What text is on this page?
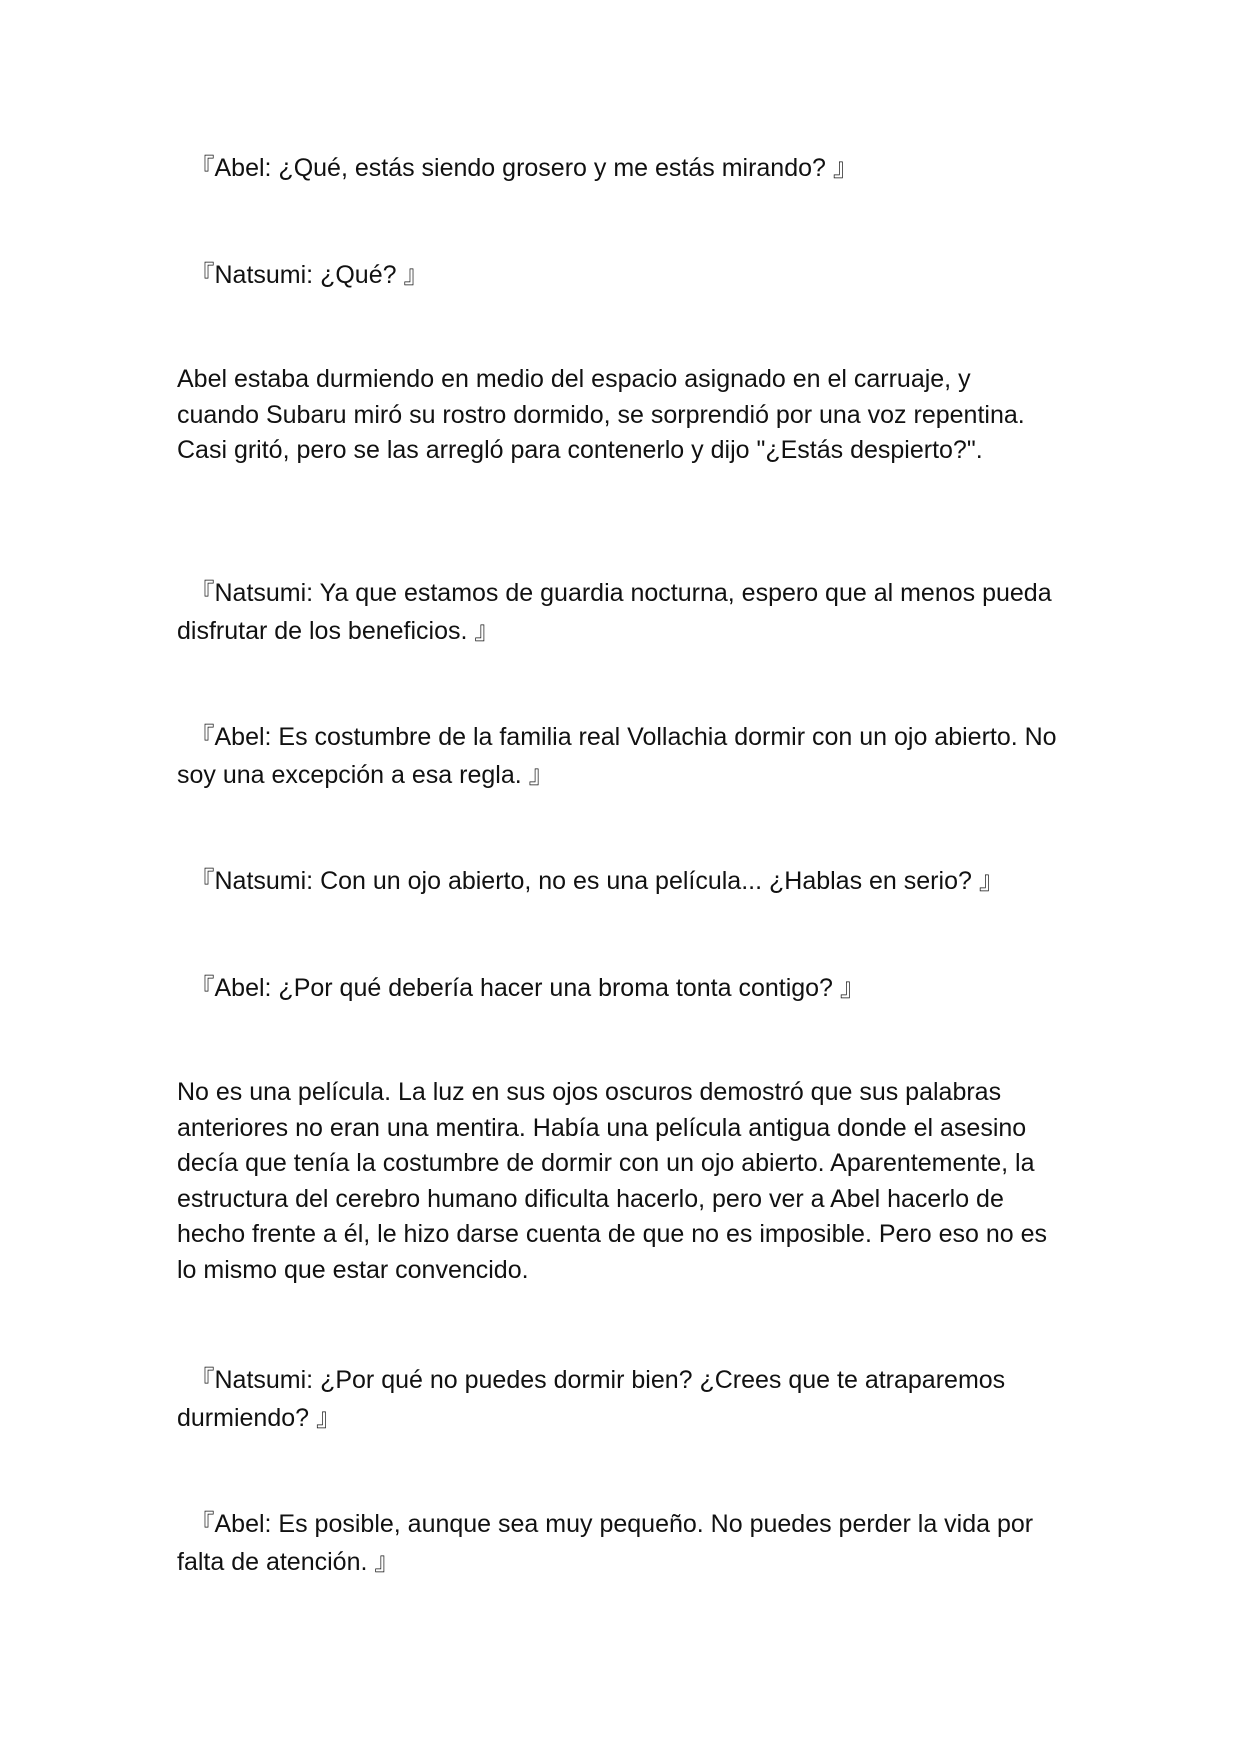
　『Abel: ¿Qué, estás siendo grosero y me estás mirando? 』

　『Natsumi: ¿Qué? 』

Abel estaba durmiendo en medio del espacio asignado en el carruaje, y cuando Subaru miró su rostro dormido, se sorprendió por una voz repentina. Casi gritó, pero se las arregló para contenerlo y dijo "¿Estás despierto?".

　『Natsumi: Ya que estamos de guardia nocturna, espero que al menos pueda disfrutar de los beneficios. 』

　『Abel: Es costumbre de la familia real Vollachia dormir con un ojo abierto. No soy una excepción a esa regla. 』

　『Natsumi: Con un ojo abierto, no es una película... ¿Hablas en serio? 』

　『Abel: ¿Por qué debería hacer una broma tonta contigo? 』

No es una película. La luz en sus ojos oscuros demostró que sus palabras anteriores no eran una mentira. Había una película antigua donde el asesino decía que tenía la costumbre de dormir con un ojo abierto. Aparentemente, la estructura del cerebro humano dificulta hacerlo, pero ver a Abel hacerlo de hecho frente a él, le hizo darse cuenta de que no es imposible. Pero eso no es lo mismo que estar convencido.

　『Natsumi: ¿Por qué no puedes dormir bien? ¿Crees que te atraparemos durmiendo? 』

　『Abel: Es posible, aunque sea muy pequeño. No puedes perder la vida por falta de atención. 』
